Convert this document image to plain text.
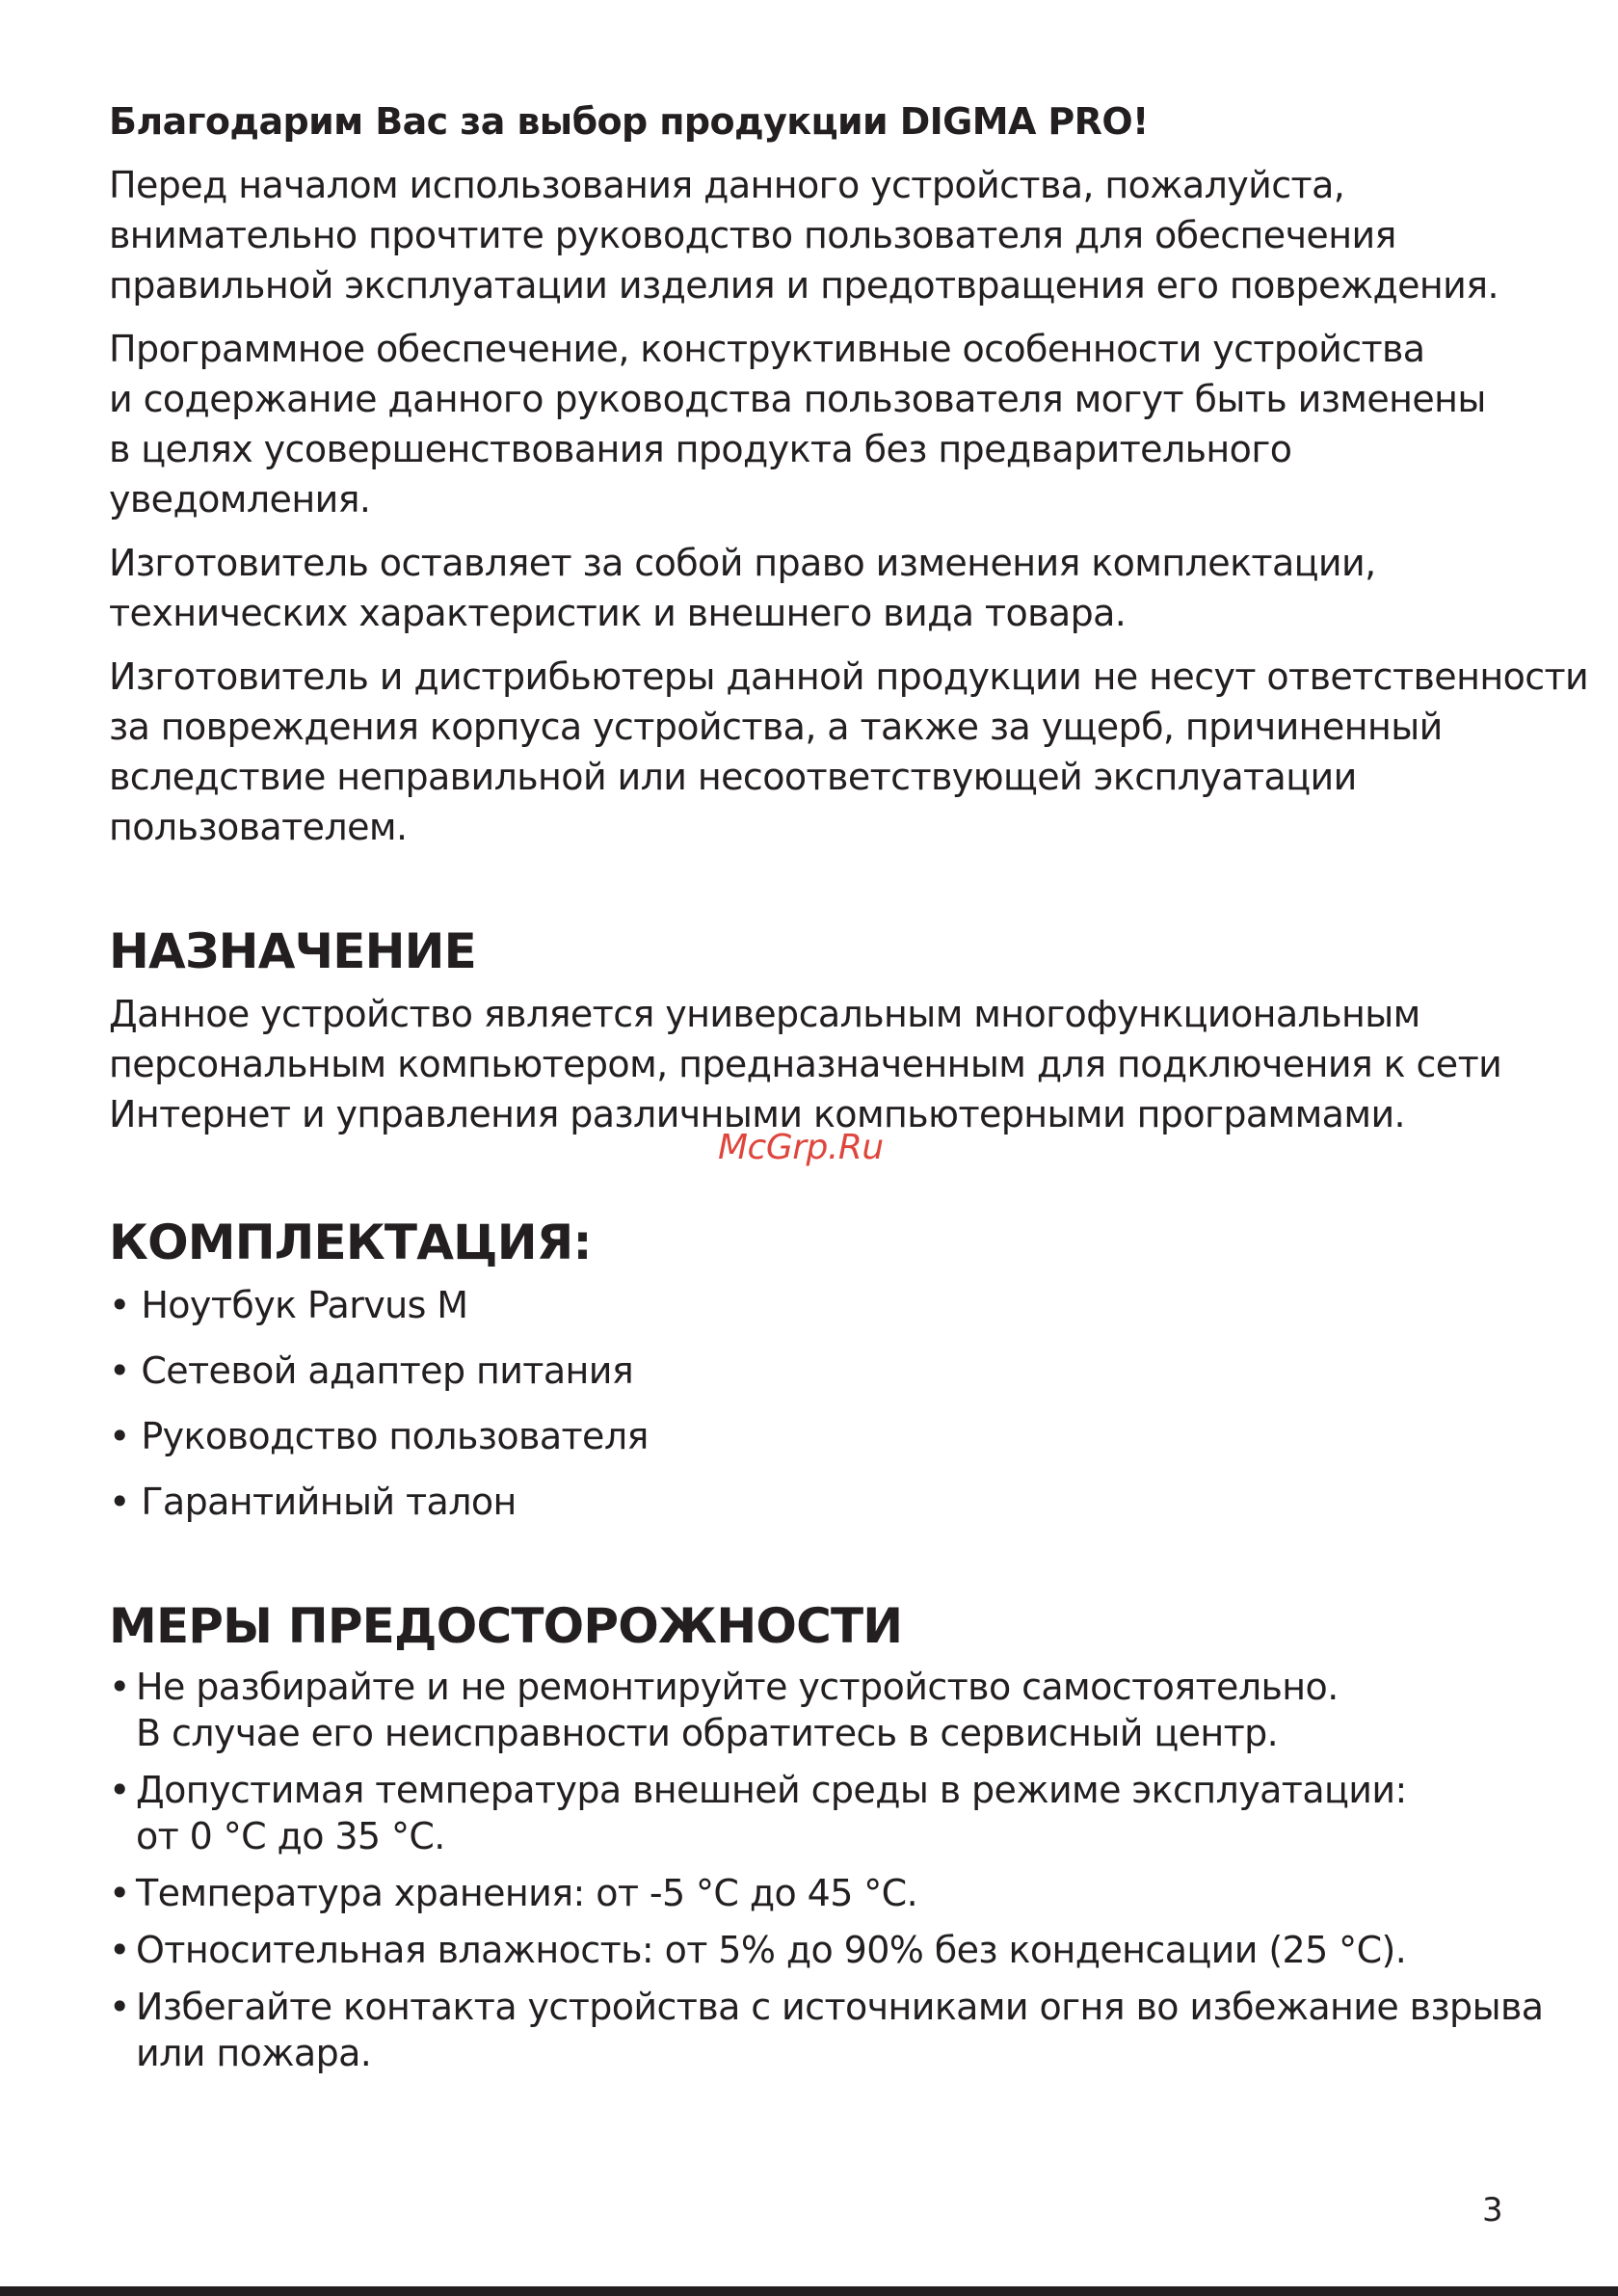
Благодарим Вас за выбор продукции DIGMA PRO!

Перед началом использования данного устройства, пожалуйста,
внимательно прочтите руководство пользователя для обеспечения
правильной эксплуатации изделия и предотвращения его повреждения.

Программное обеспечение, конструктивные особенности устройства
и содержание данного руководства пользователя могут быть изменены
в целях усовершенствования продукта без предварительного
уведомления.

Изготовитель оставляет за собой право изменения комплектации,
технических характеристик и внешнего вида товара.

Изготовитель и дистрибьютеры данной продукции не несут ответственности
за повреждения корпуса устройства, а также за ущерб, причиненный
вследствие неправильной или несоответствующей эксплуатации
пользователем.

НАЗНАЧЕНИЕ

Данное устройство является универсальным многофункциональным
персональным компьютером, предназначенным для подключения к сети
Интернет и управления различными компьютерными программами.

КОМПЛЕКТАЦИЯ:
• Ноутбук Parvus M
• Сетевой адаптер питания
• Руководство пользователя
• Гарантийный талон
МЕРЫ ПРЕДОСТОРОЖНОСТИ
• Не разбирайте и не ремонтируйте устройство самостоятельно.
В случае его неисправности обратитесь в сервисный центр.
• Допустимая температура внешней среды в режиме эксплуатации:
от 0 °C до 35 °C.
• Температура хранения: от -5 °C до 45 °C.
• Относительная влажность: от 5% до 90% без конденсации (25 °C).
• Избегайте контакта устройства с источниками огня во избежание взрыва
или пожара.
McGrp.Ru
3
